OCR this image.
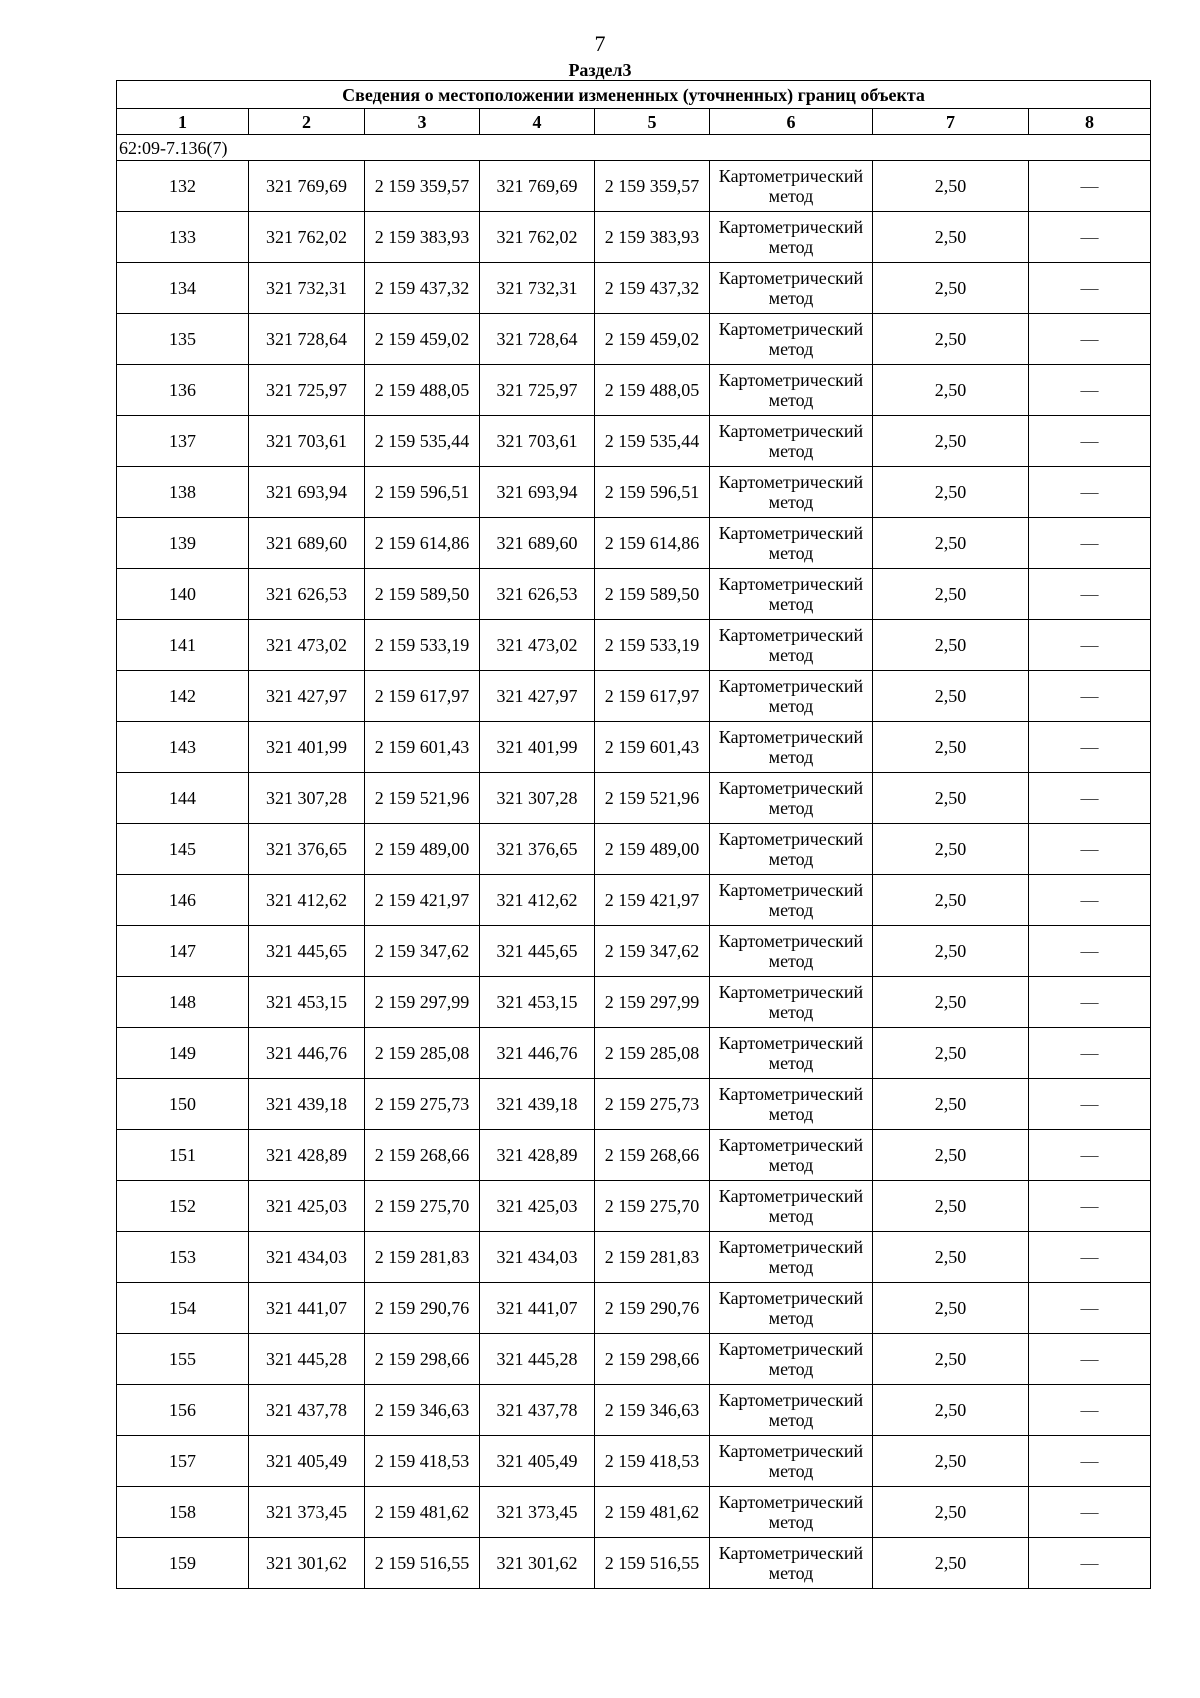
7
Раздел3
Сведения о местоположении измененных (уточненных) границ объекта							
1	2	3	4	5	6	7	8
62:09-7.136(7)							
132	321 769,69	2 159 359,57	321 769,69	2 159 359,57	Картометрический метод	2,50	—
133	321 762,02	2 159 383,93	321 762,02	2 159 383,93	Картометрический метод	2,50	—
134	321 732,31	2 159 437,32	321 732,31	2 159 437,32	Картометрический метод	2,50	—
135	321 728,64	2 159 459,02	321 728,64	2 159 459,02	Картометрический метод	2,50	—
136	321 725,97	2 159 488,05	321 725,97	2 159 488,05	Картометрический метод	2,50	—
137	321 703,61	2 159 535,44	321 703,61	2 159 535,44	Картометрический метод	2,50	—
138	321 693,94	2 159 596,51	321 693,94	2 159 596,51	Картометрический метод	2,50	—
139	321 689,60	2 159 614,86	321 689,60	2 159 614,86	Картометрический метод	2,50	—
140	321 626,53	2 159 589,50	321 626,53	2 159 589,50	Картометрический метод	2,50	—
141	321 473,02	2 159 533,19	321 473,02	2 159 533,19	Картометрический метод	2,50	—
142	321 427,97	2 159 617,97	321 427,97	2 159 617,97	Картометрический метод	2,50	—
143	321 401,99	2 159 601,43	321 401,99	2 159 601,43	Картометрический метод	2,50	—
144	321 307,28	2 159 521,96	321 307,28	2 159 521,96	Картометрический метод	2,50	—
145	321 376,65	2 159 489,00	321 376,65	2 159 489,00	Картометрический метод	2,50	—
146	321 412,62	2 159 421,97	321 412,62	2 159 421,97	Картометрический метод	2,50	—
147	321 445,65	2 159 347,62	321 445,65	2 159 347,62	Картометрический метод	2,50	—
148	321 453,15	2 159 297,99	321 453,15	2 159 297,99	Картометрический метод	2,50	—
149	321 446,76	2 159 285,08	321 446,76	2 159 285,08	Картометрический метод	2,50	—
150	321 439,18	2 159 275,73	321 439,18	2 159 275,73	Картометрический метод	2,50	—
151	321 428,89	2 159 268,66	321 428,89	2 159 268,66	Картометрический метод	2,50	—
152	321 425,03	2 159 275,70	321 425,03	2 159 275,70	Картометрический метод	2,50	—
153	321 434,03	2 159 281,83	321 434,03	2 159 281,83	Картометрический метод	2,50	—
154	321 441,07	2 159 290,76	321 441,07	2 159 290,76	Картометрический метод	2,50	—
155	321 445,28	2 159 298,66	321 445,28	2 159 298,66	Картометрический метод	2,50	—
156	321 437,78	2 159 346,63	321 437,78	2 159 346,63	Картометрический метод	2,50	—
157	321 405,49	2 159 418,53	321 405,49	2 159 418,53	Картометрический метод	2,50	—
158	321 373,45	2 159 481,62	321 373,45	2 159 481,62	Картометрический метод	2,50	—
159	321 301,62	2 159 516,55	321 301,62	2 159 516,55	Картометрический метод	2,50	—
